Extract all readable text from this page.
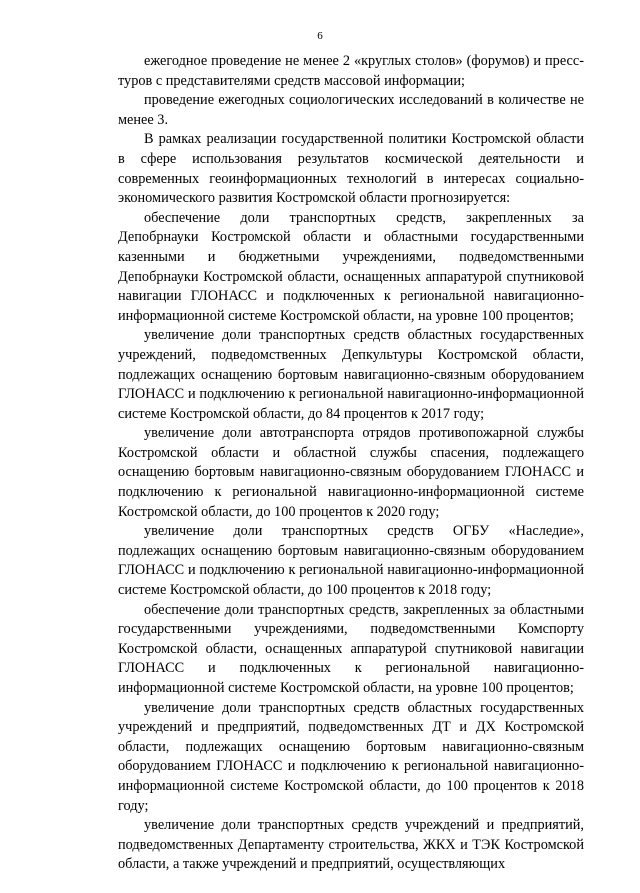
6

ежегодное проведение не менее 2 «круглых столов» (форумов) и пресс-туров с представителями средств массовой информации;

проведение ежегодных социологических исследований в количестве не менее 3.

В рамках реализации государственной политики Костромской области в сфере использования результатов космической деятельности и современных геоинформационных технологий в интересах социально-экономического развития Костромской области прогнозируется:

обеспечение доли транспортных средств, закрепленных за Депобрнауки Костромской области и областными государственными казенными и бюджетными учреждениями, подведомственными Депобрнауки Костромской области, оснащенных аппаратурой спутниковой навигации ГЛОНАСС и подключенных к региональной навигационно-информационной системе Костромской области, на уровне 100 процентов;

увеличение доли транспортных средств областных государственных учреждений, подведомственных Депкультуры Костромской области, подлежащих оснащению бортовым навигационно-связным оборудованием ГЛОНАСС и подключению к региональной навигационно-информационной системе Костромской области, до 84 процентов к 2017 году;

увеличение доли автотранспорта отрядов противопожарной службы Костромской области и областной службы спасения, подлежащего оснащению бортовым навигационно-связным оборудованием ГЛОНАСС и подключению к региональной навигационно-информационной системе Костромской области, до 100 процентов к 2020 году;

увеличение доли транспортных средств ОГБУ «Наследие», подлежащих оснащению бортовым навигационно-связным оборудованием ГЛОНАСС и подключению к региональной навигационно-информационной системе Костромской области, до 100 процентов к 2018 году;

обеспечение доли транспортных средств, закрепленных за областными государственными учреждениями, подведомственными Комспорту Костромской области, оснащенных аппаратурой спутниковой навигации ГЛОНАСС и подключенных к региональной навигационно-информационной системе Костромской области, на уровне 100 процентов;

увеличение доли транспортных средств областных государственных учреждений и предприятий, подведомственных ДТ и ДХ Костромской области, подлежащих оснащению бортовым навигационно-связным оборудованием ГЛОНАСС и подключению к региональной навигационно-информационной системе Костромской области, до 100 процентов к 2018 году;

увеличение доли транспортных средств учреждений и предприятий, подведомственных Департаменту строительства, ЖКХ и ТЭК Костромской области, а также учреждений и предприятий, осуществляющих
